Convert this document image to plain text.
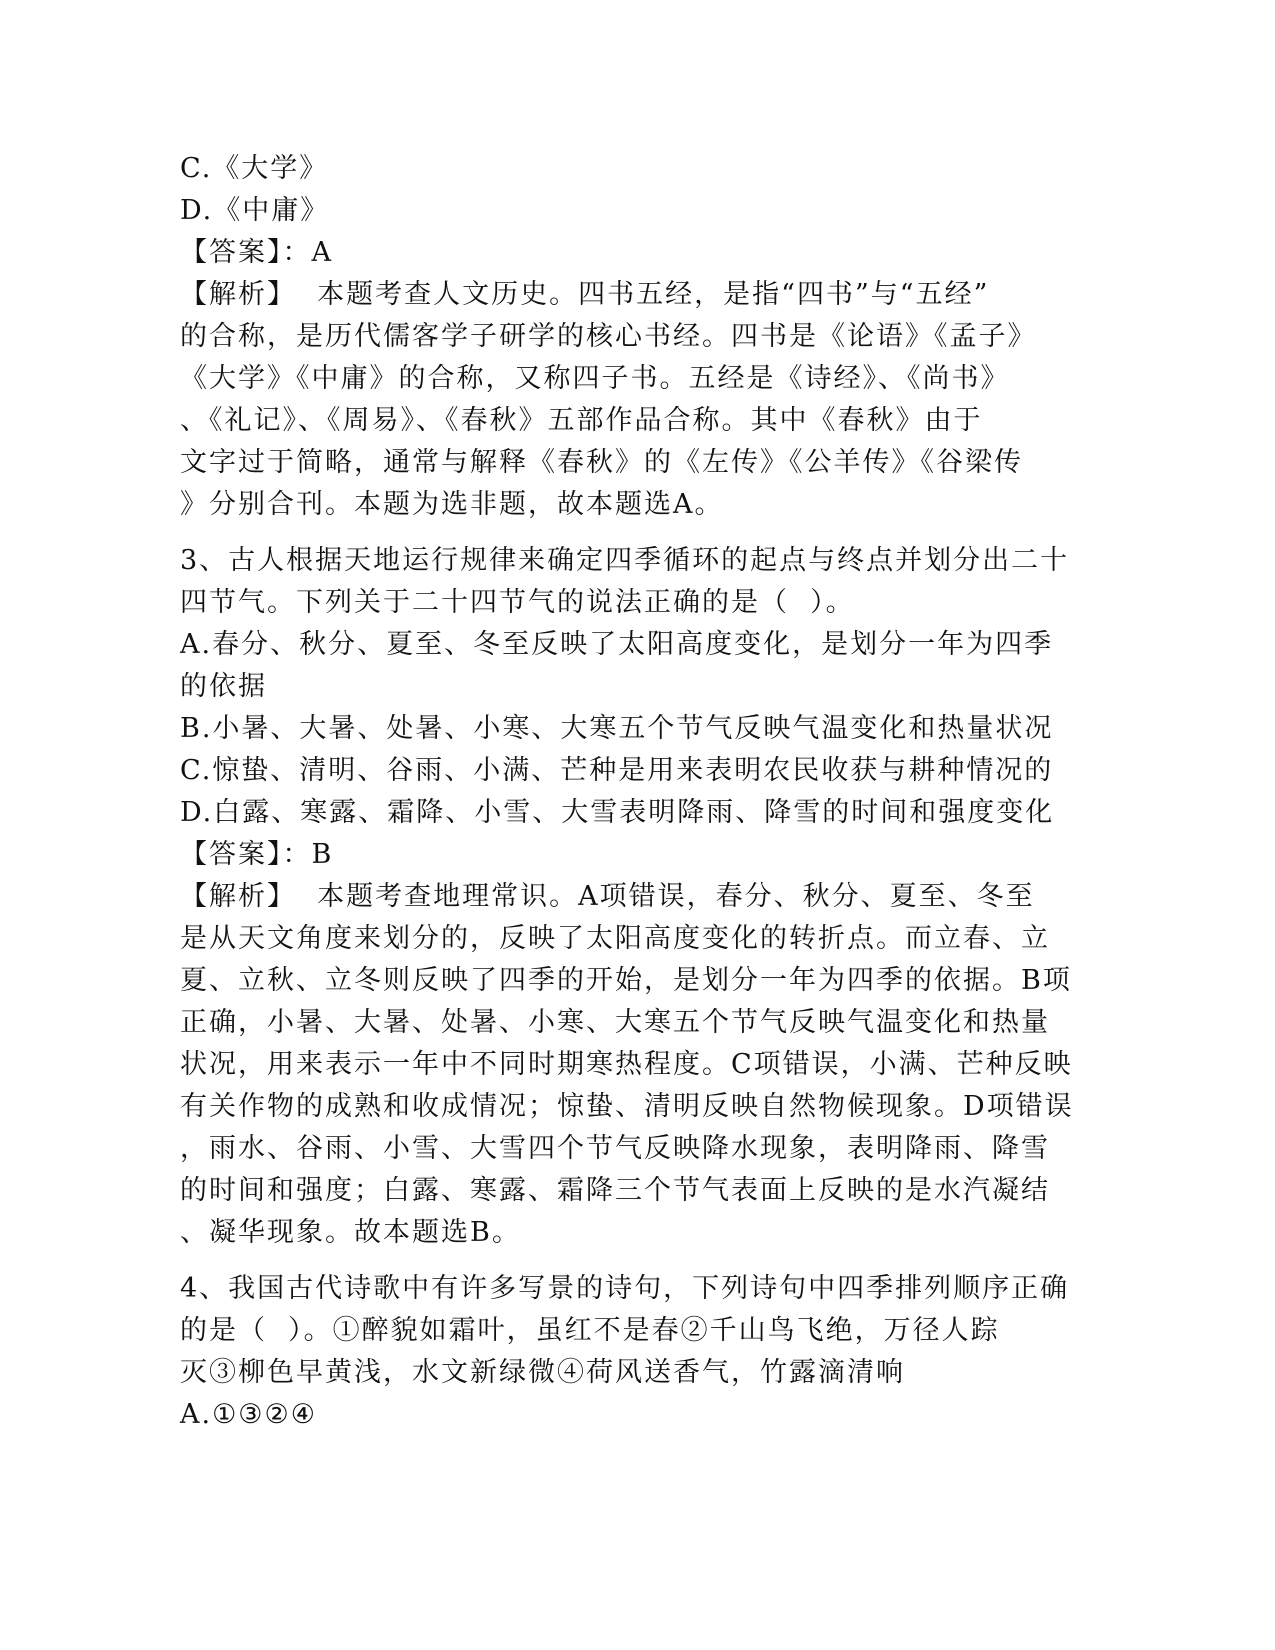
C.《大学》
D.《中庸》
【答案】：A
【解析】  本题考查人文历史。四书五经，是指“四书”与“五经”
的合称，是历代儒客学子研学的核心书经。四书是《论语》《孟子》
《大学》《中庸》的合称，又称四子书。五经是《诗经》、《尚书》
、《礼记》、《周易》、《春秋》五部作品合称。其中《春秋》由于
文字过于简略，通常与解释《春秋》的《左传》《公羊传》《谷梁传
》分别合刊。本题为选非题，故本题选A。
3、古人根据天地运行规律来确定四季循环的起点与终点并划分出二十
四节气。下列关于二十四节气的说法正确的是（  ）。
A.春分、秋分、夏至、冬至反映了太阳高度变化，是划分一年为四季
的依据
B.小暑、大暑、处暑、小寒、大寒五个节气反映气温变化和热量状况
C.惊蛰、清明、谷雨、小满、芒种是用来表明农民收获与耕种情况的
D.白露、寒露、霜降、小雪、大雪表明降雨、降雪的时间和强度变化
【答案】：B
【解析】  本题考查地理常识。A项错误，春分、秋分、夏至、冬至
是从天文角度来划分的，反映了太阳高度变化的转折点。而立春、立
夏、立秋、立冬则反映了四季的开始，是划分一年为四季的依据。B项
正确，小暑、大暑、处暑、小寒、大寒五个节气反映气温变化和热量
状况，用来表示一年中不同时期寒热程度。C项错误，小满、芒种反映
有关作物的成熟和收成情况；惊蛰、清明反映自然物候现象。D项错误
，雨水、谷雨、小雪、大雪四个节气反映降水现象，表明降雨、降雪
的时间和强度；白露、寒露、霜降三个节气表面上反映的是水汽凝结
、凝华现象。故本题选B。
4、我国古代诗歌中有许多写景的诗句，下列诗句中四季排列顺序正确
的是（  ）。①醉貌如霜叶，虽红不是春②千山鸟飞绝，万径人踪
灭③柳色早黄浅，水文新绿微④荷风送香气，竹露滴清响
A.①③②④
